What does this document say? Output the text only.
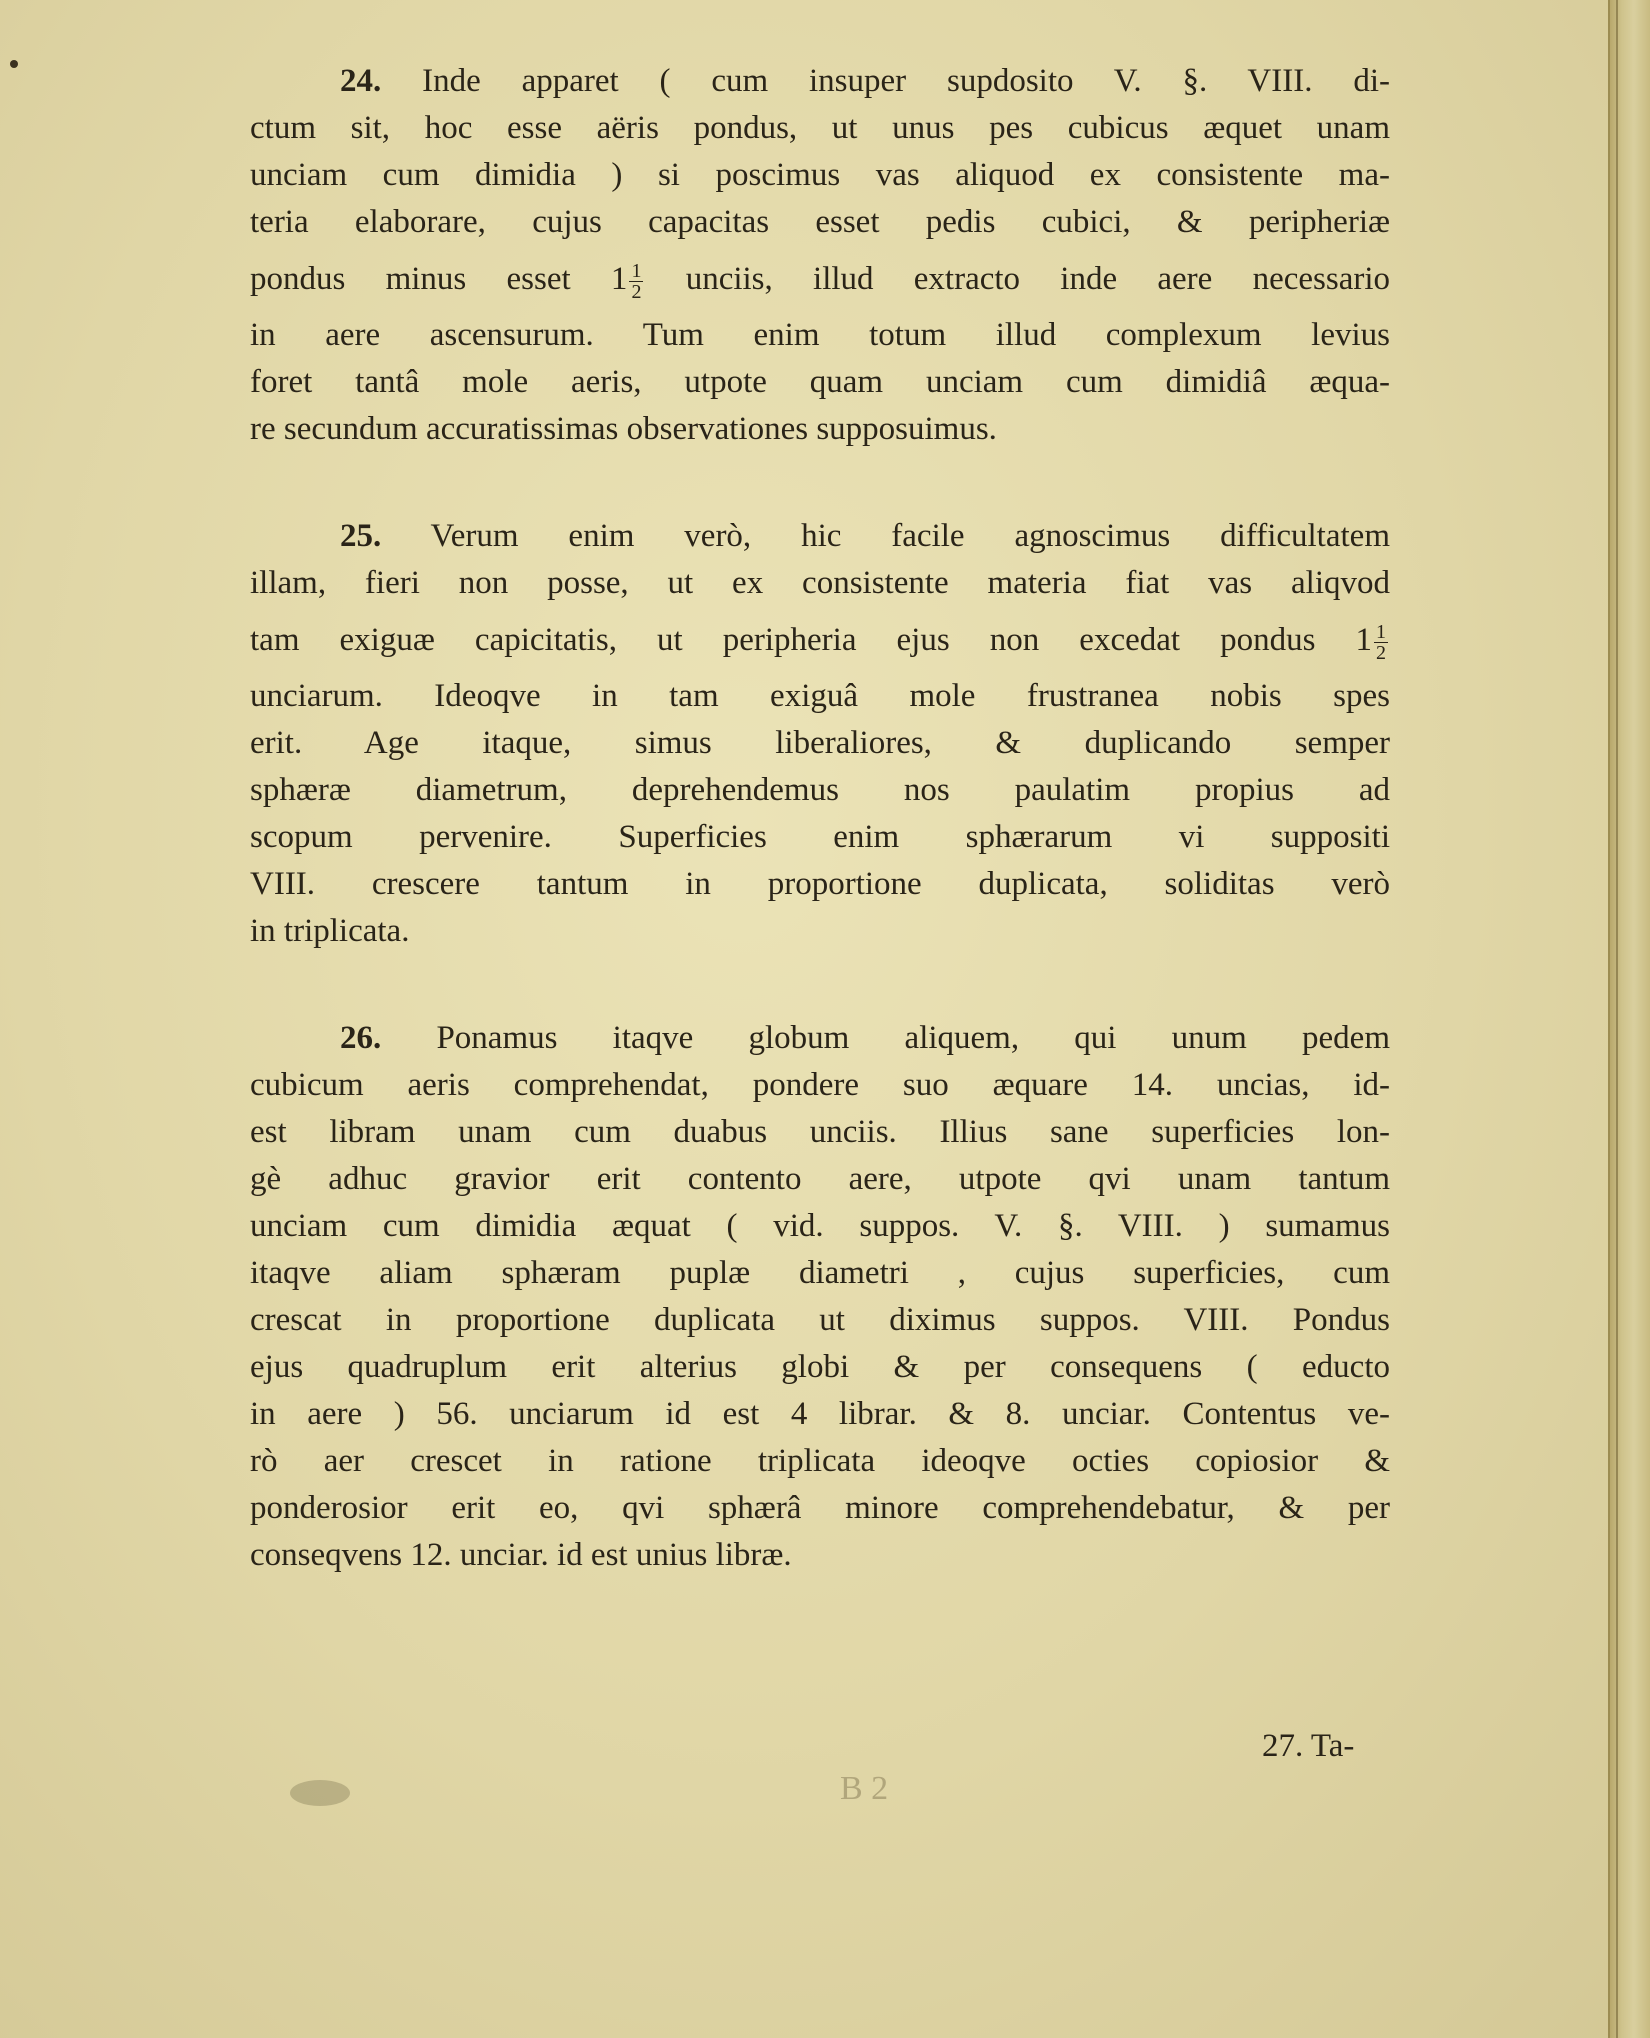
24. Inde apparet ( cum insuper supdosito V. §. VIII. di-
ctum sit, hoc esse aëris pondus, ut unus pes cubicus æquet unam
unciam cum dimidia ) si poscimus vas aliquod ex consistente ma-
teria elaborare, cujus capacitas esset pedis cubici, & peripheriæ
pondus minus esset $1 \frac{1}{2}$ unciis, illud extracto inde aere necessario
in aere ascensurum. Tum enim totum illud complexum levius
foret tantâ mole aeris, utpote quam unciam cum dimidiâ æqua-
re secundum accuratissimas observationes supposuimus.
25. Verum enim verò, hic facile agnoscimus difficultatem
illam, fieri non posse, ut ex consistente materia fiat vas aliqvod
tam exiguæ capicitatis, ut peripheria ejus non excedat pondus $1 \frac{1}{2}$
unciarum. Ideoqve in tam exiguâ mole frustranea nobis spes
erit. Age itaque, simus liberaliores, & duplicando semper
sphæræ diametrum, deprehendemus nos paulatim propius ad
scopum pervenire. Superficies enim sphærarum vi suppositi
VIII. crescere tantum in proportione duplicata, soliditas verò
in triplicata.
26. Ponamus itaqve globum aliquem, qui unum pedem
cubicum aeris comprehendat, pondere suo æquare 14. uncias, id-
est libram unam cum duabus unciis. Illius sane superficies lon-
gè adhuc gravior erit contento aere, utpote qvi unam tantum
unciam cum dimidia æquat ( vid. suppos. V. §. VIII. ) sumamus
itaqve aliam sphæram puplæ diametri , cujus superficies, cum
crescat in proportione duplicata ut diximus suppos. VIII. Pondus
ejus quadruplum erit alterius globi & per consequens ( educto
in aere ) 56. unciarum id est 4 librar. & 8. unciar. Contentus ve-
rò aer crescet in ratione triplicata ideoqve octies copiosior &
ponderosior erit eo, qvi sphærâ minore comprehendebatur, & per
conseqvens 12. unciar. id est unius libræ.
B 2
27. Ta-
